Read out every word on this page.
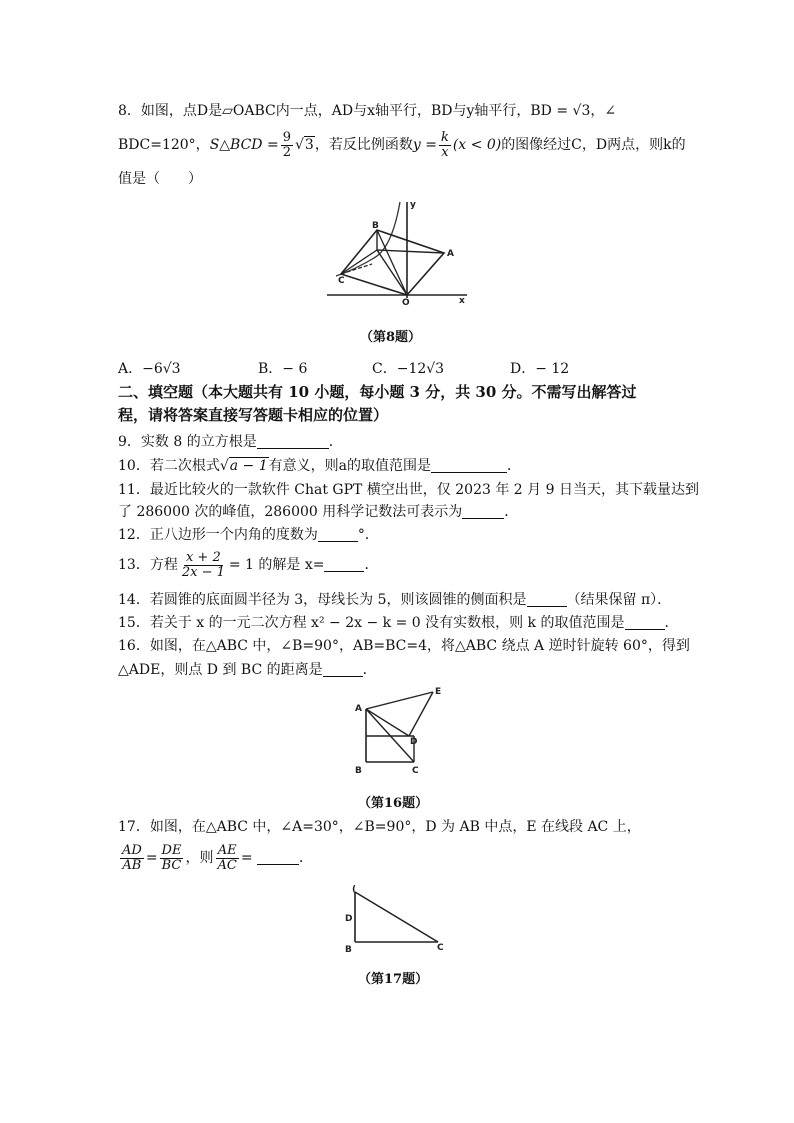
8．如图，点D是▱OABC内一点，AD与x轴平行，BD与y轴平行，BD = √3，∠
BDC=120°，S△BCD = $\frac{9}{2} √3$，若反比例函数$y = \frac{k}{x} (x < 0)$的图像经过C，D两点，则k的
值是（　　）
y
A
B
C
O	x
（第8题）
A．−6√3	B．− 6	C．−12√3	D．− 12
二、填空题（本大题共有 10 小题，每小题 3 分，共 30 分。不需写出解答过
程，请将答案直接写答题卡相应的位置）
9．实数 8 的立方根是	．
10．若二次根式√a − 1有意义，则a的取值范围是	．
11．最近比较火的一款软件 Chat GPT 横空出世，仅 2023 年 2 月 9 日当天，其下载量达到
了 286000 次的峰值，286000 用科学记数法可表示为	．
12．正八边形一个内角的度数为	°．
13．方程 $\frac{x + 2}{2x - 1} = 1$ 的解是 x=	．
14．若圆锥的底面圆半径为 3，母线长为 5，则该圆锥的侧面积是	（结果保留 π）．
15．若关于 x 的一元二次方程 x² − 2x − k = 0 没有实数根，则 k 的取值范围是	．
16．如图，在△ABC 中，∠B=90°，AB=BC=4，将△ABC 绕点 A 逆时针旋转 60°，得到
△ADE，则点 D 到 BC 的距离是	．
A
B	C
D
E
（第16题）
17．如图，在△ABC 中，∠A=30°，∠B=90°，D 为 AB 中点，E 在线段 AC 上，
$\frac{AD}{AB} = \frac{DE}{BC}$ ，则 $\frac{AE}{AC}$ =	．
(
D
B	C
（第17题）
